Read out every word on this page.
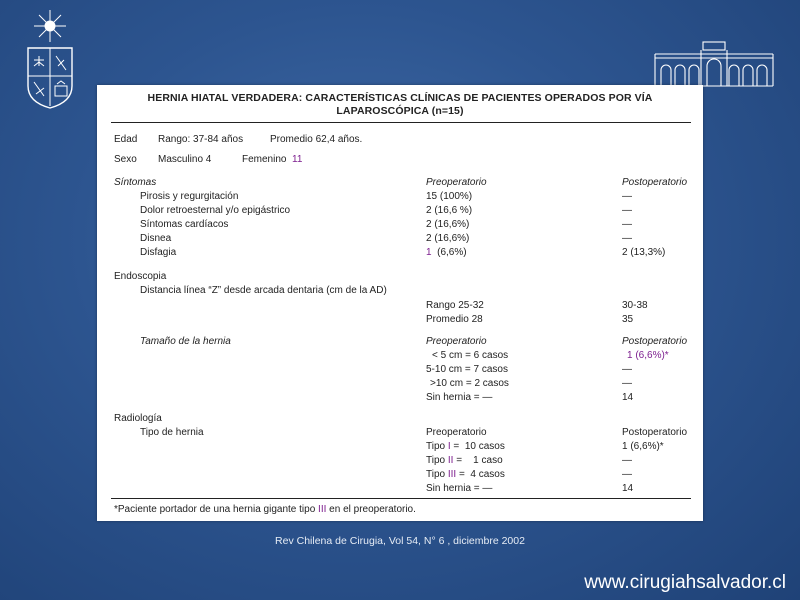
HERNIA HIATAL VERDADERA: CARACTERÍSTICAS CLÍNICAS DE PACIENTES OPERADOS POR VÍA
LAPAROSCÓPICA (n=15)
Edad Rango: 37-84 años	Promedio 62,4 años.
Sexo Masculino 4	Femenino 11
Síntomas	Preoperatorio	Postoperatorio
Pirosis y regurgitación	15 (100%)	—
Dolor retroesternal y/o epigástrico	2 (16,6 %)	—
Síntomas cardíacos	2 (16,6%)	—
Disnea	2 (16,6%)	—
Disfagia	1  (6,6%)	2 (13,3%)
Endoscopia
Distancia línea “Z” desde arcada dentaria (cm de la AD)
Rango 25-32	30-38
Promedio 28	35
Tamaño de la hernia	Preoperatorio	Postoperatorio
< 5 cm = 6 casos	1 (6,6%)*
5-10 cm = 7 casos	—
>10 cm = 2 casos	—
Sin hernia = —	14
Radiología
Tipo de hernia	Preoperatorio	Postoperatorio
Tipo I =  10 casos	1 (6,6%)*
Tipo II =    1 caso	—
Tipo III =  4 casos	—
Sin hernia = —	14
*Paciente portador de una hernia gigante tipo III en el preoperatorio.
Rev Chilena de Cirugia, Vol 54, N° 6 , diciembre 2002
www.cirugiahsalvador.cl
